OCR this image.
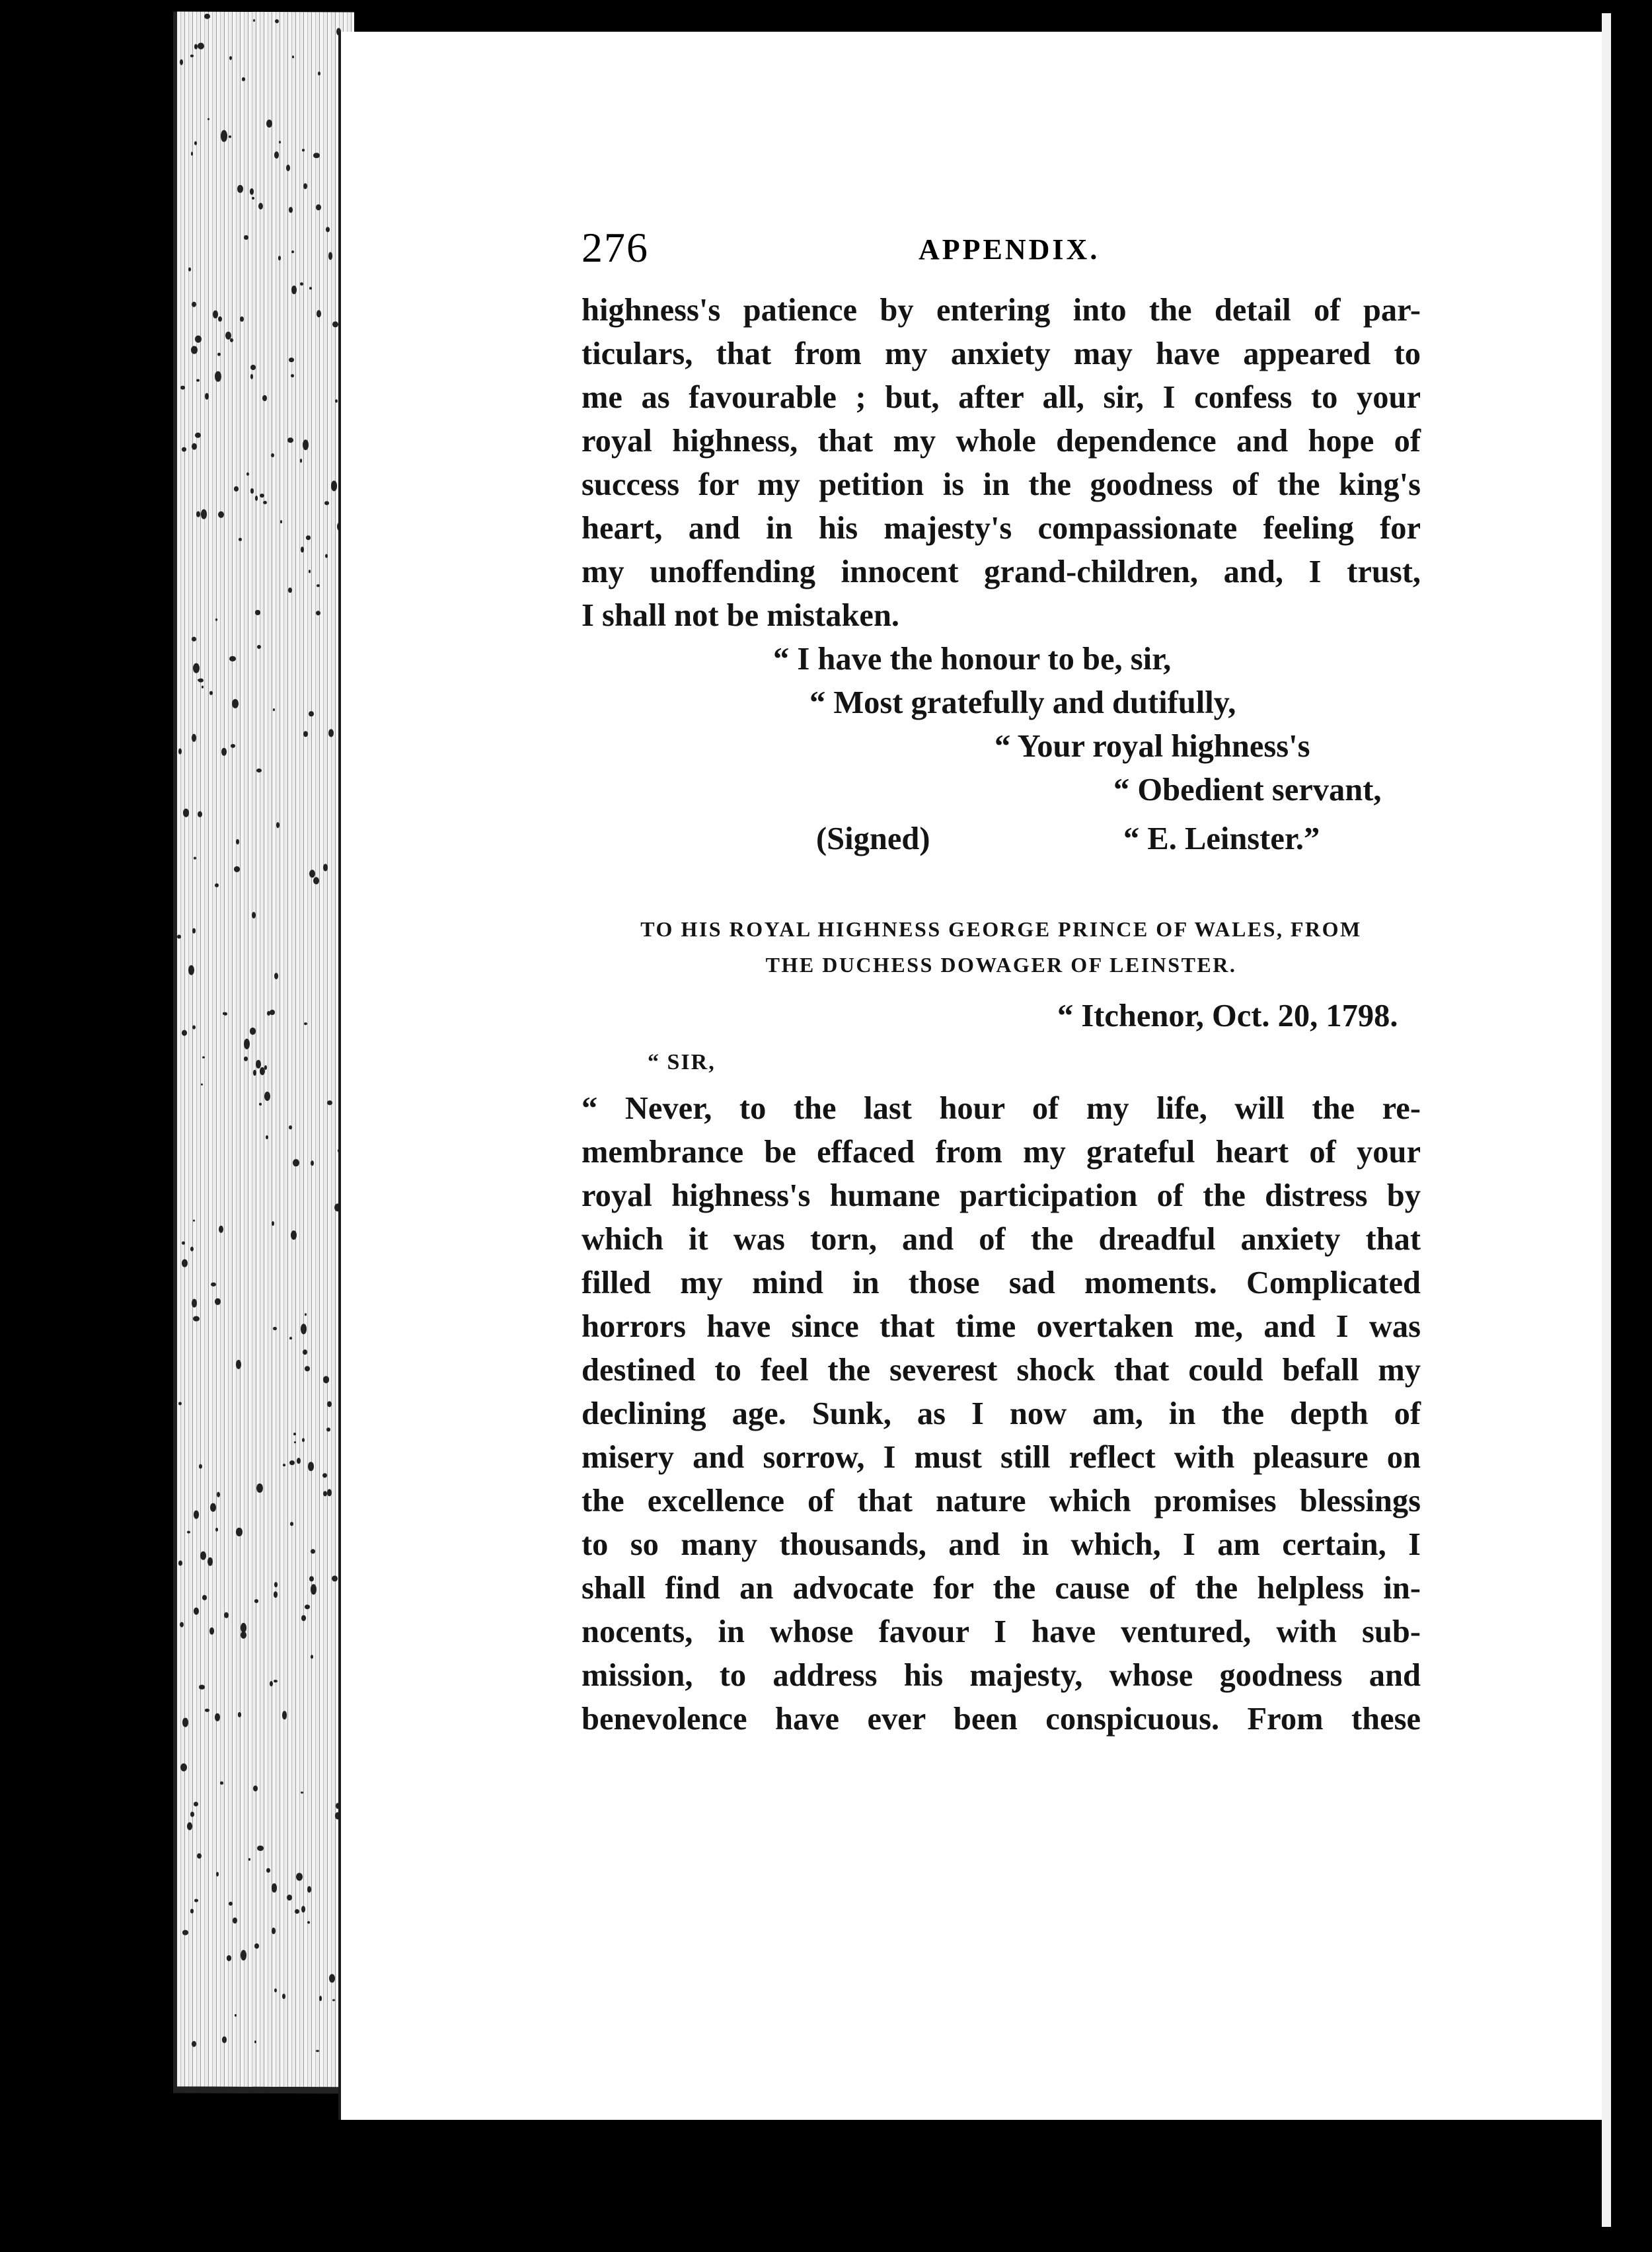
276	APPENDIX.
highness's patience by entering into the detail of par-
ticulars, that from my anxiety may have appeared to
me as favourable ; but, after all, sir, I confess to your
royal highness, that my whole dependence and hope of
success for my petition is in the goodness of the king's
heart, and in his majesty's compassionate feeling for
my unoffending innocent grand-children, and, I trust,
I shall not be mistaken.
“ I have the honour to be, sir,
“ Most gratefully and dutifully,
“ Your royal highness's
“ Obedient servant,
(Signed)	“ E. Leinster.”
TO HIS ROYAL HIGHNESS GEORGE PRINCE OF WALES, FROM
THE DUCHESS DOWAGER OF LEINSTER.
“ Itchenor, Oct. 20, 1798.
“ SIR,
“ Never, to the last hour of my life, will the re-
membrance be effaced from my grateful heart of your
royal highness's humane participation of the distress by
which it was torn, and of the dreadful anxiety that
filled my mind in those sad moments. Complicated
horrors have since that time overtaken me, and I was
destined to feel the severest shock that could befall my
declining age. Sunk, as I now am, in the depth of
misery and sorrow, I must still reflect with pleasure on
the excellence of that nature which promises blessings
to so many thousands, and in which, I am certain, I
shall find an advocate for the cause of the helpless in-
nocents, in whose favour I have ventured, with sub-
mission, to address his majesty, whose goodness and
benevolence have ever been conspicuous. From these
